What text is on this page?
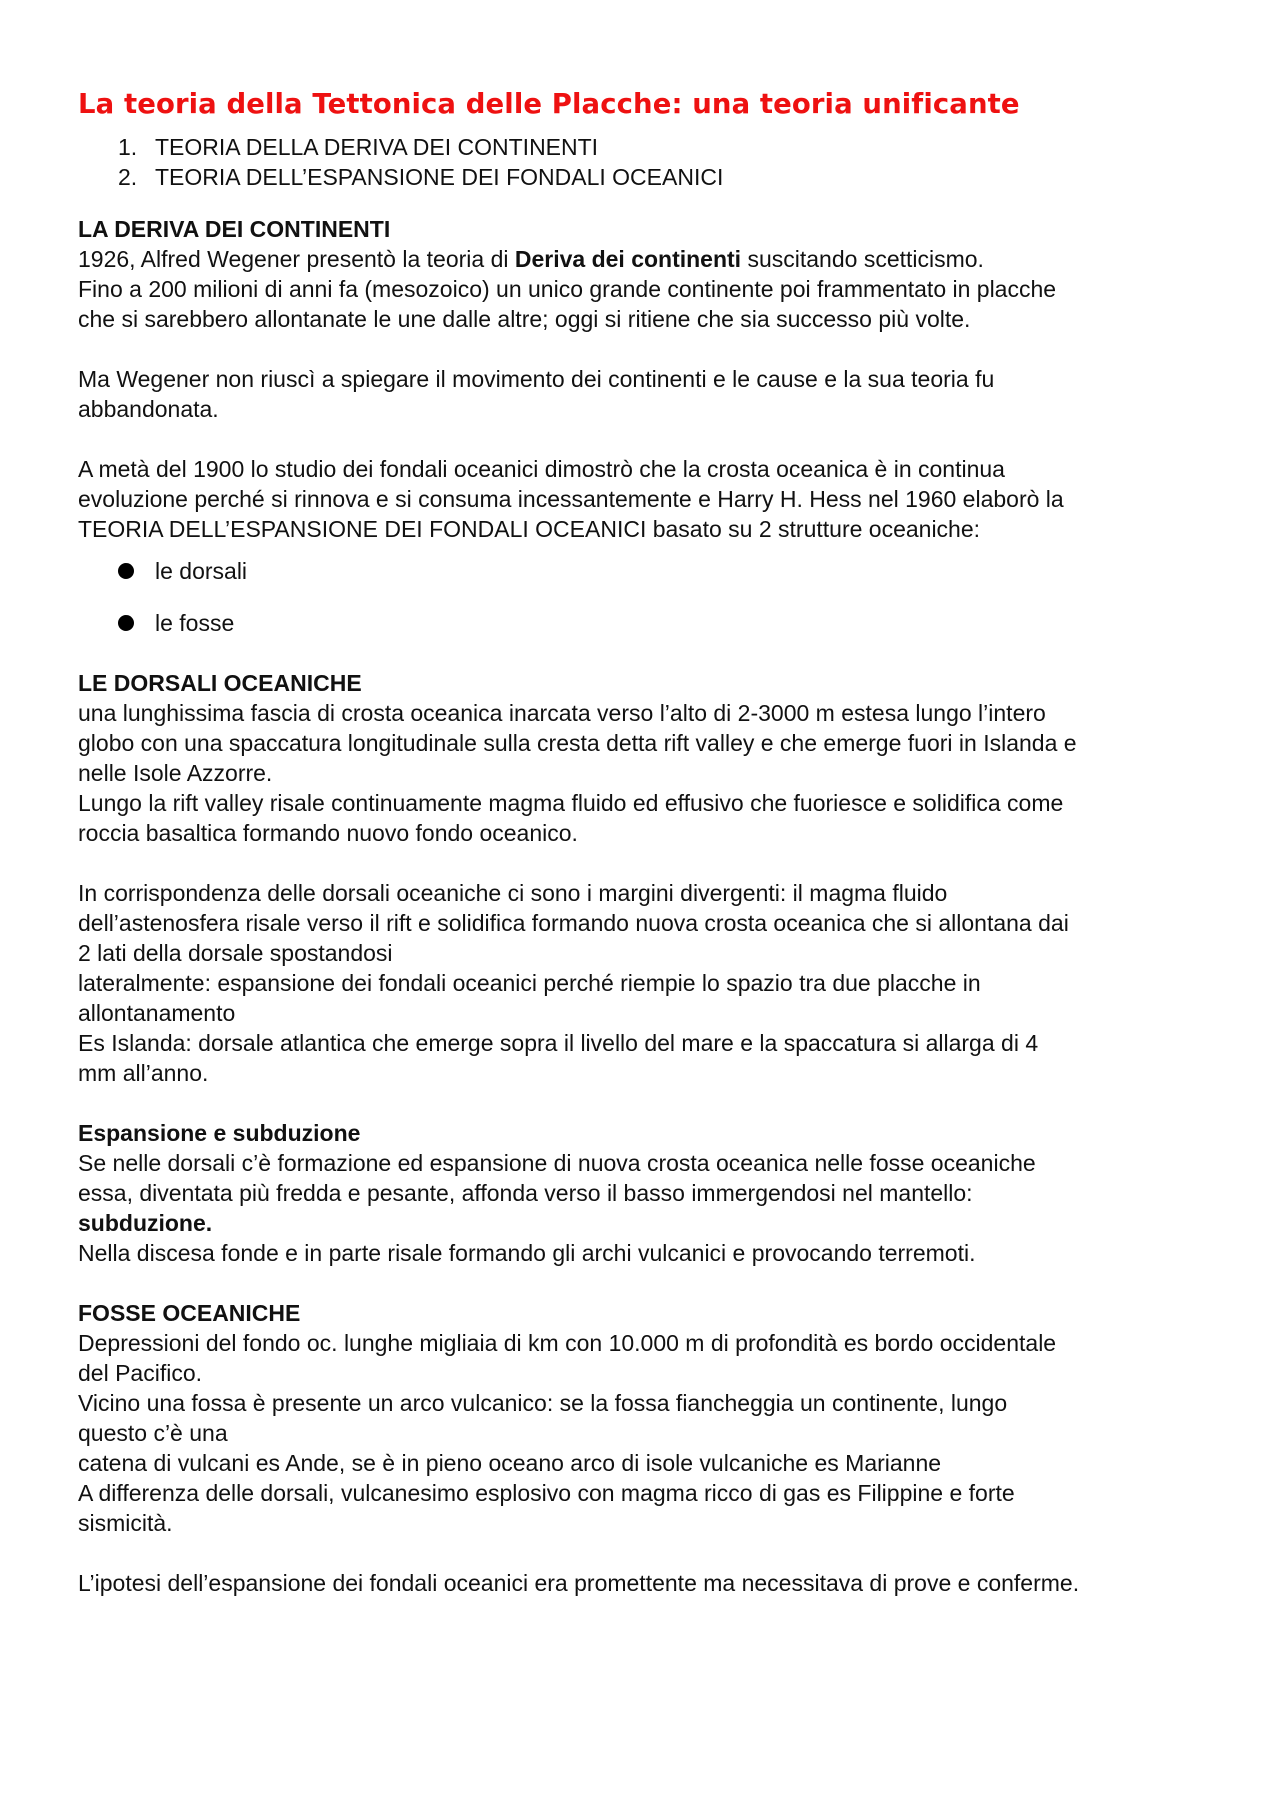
La teoria della Tettonica delle Placche: una teoria unificante
1. TEORIA DELLA DERIVA DEI CONTINENTI
2. TEORIA DELL’ESPANSIONE DEI FONDALI OCEANICI
LA DERIVA DEI CONTINENTI
1926, Alfred Wegener presentò la teoria di Deriva dei continenti suscitando scetticismo.
Fino a 200 milioni di anni fa (mesozoico) un unico grande continente poi frammentato in placche
che si sarebbero allontanate le une dalle altre; oggi si ritiene che sia successo più volte.
Ma Wegener non riuscì a spiegare il movimento dei continenti e le cause e la sua teoria fu
abbandonata.
A metà del 1900 lo studio dei fondali oceanici dimostrò che la crosta oceanica è in continua
evoluzione perché si rinnova e si consuma incessantemente e Harry H. Hess nel 1960 elaborò la
TEORIA DELL’ESPANSIONE DEI FONDALI OCEANICI basato su 2 strutture oceaniche:
le dorsali
le fosse
LE DORSALI OCEANICHE
una lunghissima fascia di crosta oceanica inarcata verso l’alto di 2-3000 m estesa lungo l’intero
globo con una spaccatura longitudinale sulla cresta detta rift valley e che emerge fuori in Islanda e
nelle Isole Azzorre.
Lungo la rift valley risale continuamente magma fluido ed effusivo che fuoriesce e solidifica come
roccia basaltica formando nuovo fondo oceanico.
In corrispondenza delle dorsali oceaniche ci sono i margini divergenti: il magma fluido
dell’astenosfera risale verso il rift e solidifica formando nuova crosta oceanica che si allontana dai
2 lati della dorsale spostandosi
lateralmente: espansione dei fondali oceanici perché riempie lo spazio tra due placche in
allontanamento
Es Islanda: dorsale atlantica che emerge sopra il livello del mare e la spaccatura si allarga di 4
mm all’anno.
Espansione e subduzione
Se nelle dorsali c’è formazione ed espansione di nuova crosta oceanica nelle fosse oceaniche
essa, diventata più fredda e pesante, affonda verso il basso immergendosi nel mantello:
subduzione.
Nella discesa fonde e in parte risale formando gli archi vulcanici e provocando terremoti.
FOSSE OCEANICHE
Depressioni del fondo oc. lunghe migliaia di km con 10.000 m di profondità es bordo occidentale
del Pacifico.
Vicino una fossa è presente un arco vulcanico: se la fossa fiancheggia un continente, lungo
questo c’è una
catena di vulcani es Ande, se è in pieno oceano arco di isole vulcaniche es Marianne
A differenza delle dorsali, vulcanesimo esplosivo con magma ricco di gas es Filippine e forte
sismicità.
L’ipotesi dell’espansione dei fondali oceanici era promettente ma necessitava di prove e conferme.
